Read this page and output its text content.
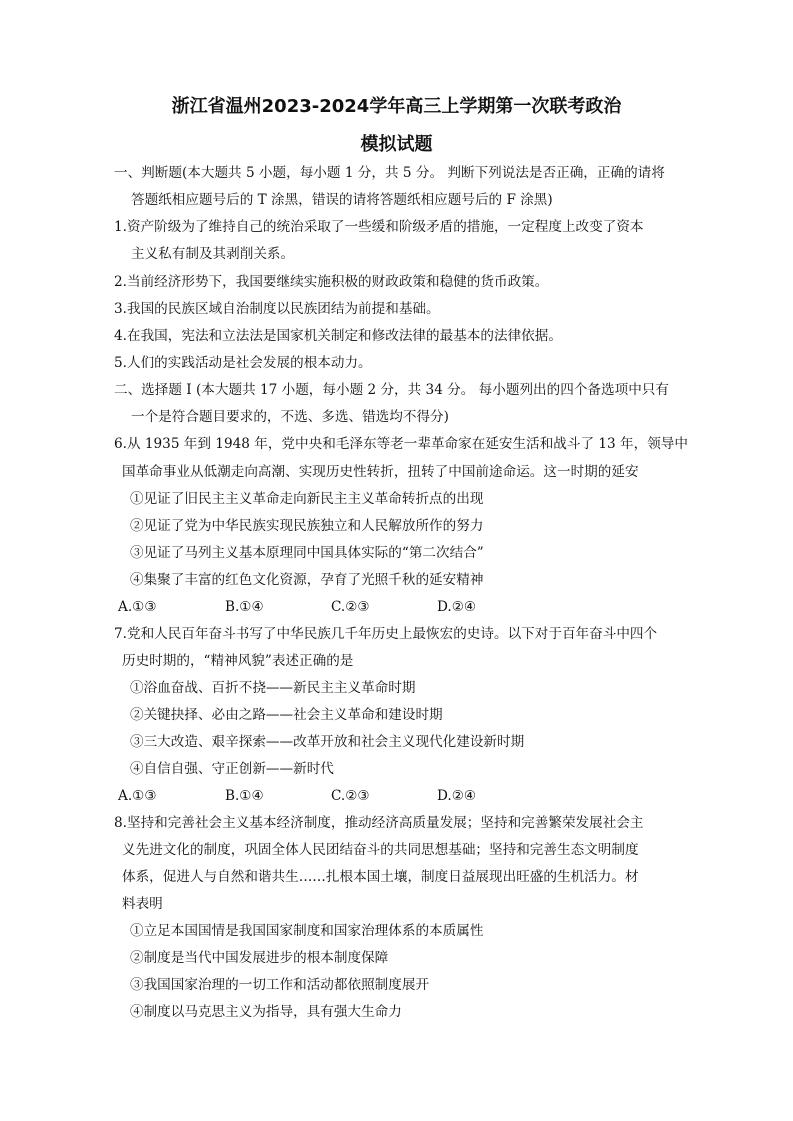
浙江省温州2023-2024学年高三上学期第一次联考政治
模拟试题
一、判断题(本大题共 5 小题，每小题 1 分，共 5 分。 判断下列说法是否正确，正确的请将
答题纸相应题号后的 T 涂黑，错误的请将答题纸相应题号后的 F 涂黑)
1.资产阶级为了维持自己的统治采取了一些缓和阶级矛盾的措施，一定程度上改变了资本
主义私有制及其剥削关系。
2.当前经济形势下，我国要继续实施积极的财政政策和稳健的货币政策。
3.我国的民族区域自治制度以民族团结为前提和基础。
4.在我国，宪法和立法法是国家机关制定和修改法律的最基本的法律依据。
5.人们的实践活动是社会发展的根本动力。
二、选择题 I (本大题共 17 小题，每小题 2 分，共 34 分。 每小题列出的四个备选项中只有
一个是符合题目要求的，不选、多选、错选均不得分)
6.从 1935 年到 1948 年，党中央和毛泽东等老一辈革命家在延安生活和战斗了 13 年，领导中
国革命事业从低潮走向高潮、实现历史性转折，扭转了中国前途命运。这一时期的延安
①见证了旧民主主义革命走向新民主主义革命转折点的出现
②见证了党为中华民族实现民族独立和人民解放所作的努力
③见证了马列主义基本原理同中国具体实际的“第二次结合”
④集聚了丰富的红色文化资源，孕育了光照千秋的延安精神
A.①③	B.①④	C.②③	D.②④
7.党和人民百年奋斗书写了中华民族几千年历史上最恢宏的史诗。以下对于百年奋斗中四个
历史时期的，“精神风貌”表述正确的是
①浴血奋战、百折不挠——新民主主义革命时期
②关键抉择、必由之路——社会主义革命和建设时期
③三大改造、艰辛探索——改革开放和社会主义现代化建设新时期
④自信自强、守正创新——新时代
A.①③	B.①④	C.②③	D.②④
8.坚持和完善社会主义基本经济制度，推动经济高质量发展；坚持和完善繁荣发展社会主
义先进文化的制度，巩固全体人民团结奋斗的共同思想基础；坚持和完善生态文明制度
体系，促进人与自然和谐共生……扎根本国土壤，制度日益展现出旺盛的生机活力。材
料表明
①立足本国国情是我国国家制度和国家治理体系的本质属性
②制度是当代中国发展进步的根本制度保障
③我国国家治理的一切工作和活动都依照制度展开
④制度以马克思主义为指导，具有强大生命力
